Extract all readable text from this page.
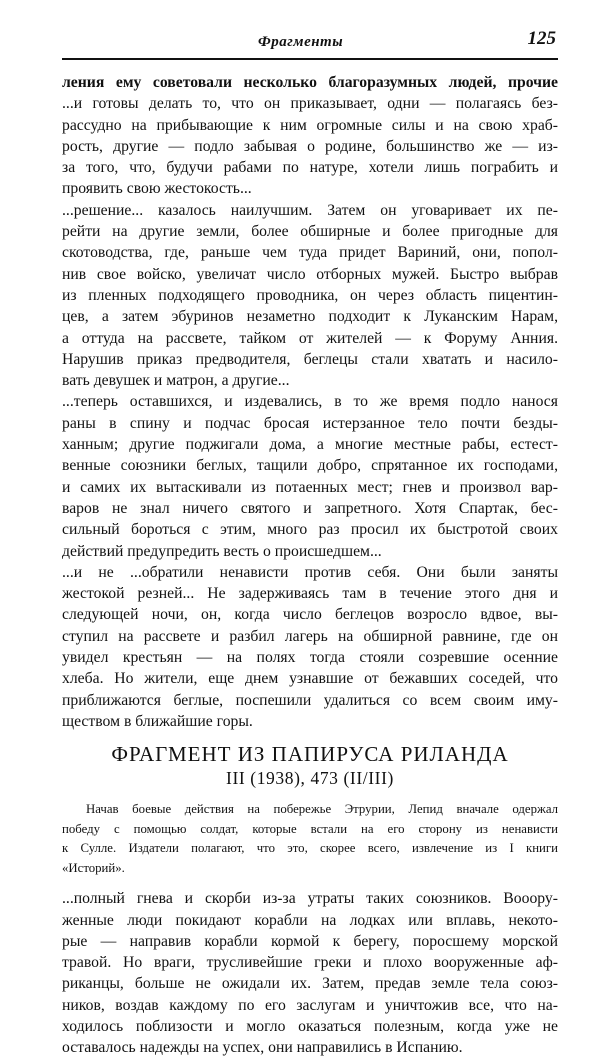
Фрагменты	125
ления ему советовали несколько благоразумных людей, прочие
...и готовы делать то, что он приказывает, одни — полагаясь без-
рассудно на прибывающие к ним огромные силы и на свою храб-
рость, другие — подло забывая о родине, большинство же — из-
за того, что, будучи рабами по натуре, хотели лишь пограбить и
проявить свою жестокость...
...решение... казалось наилучшим. Затем он уговаривает их пе-
рейти на другие земли, более обширные и более пригодные для
скотоводства, где, раньше чем туда придет Вариний, они, попол-
нив свое войско, увеличат число отборных мужей. Быстро выбрав
из пленных подходящего проводника, он через область пицентин-
цев, а затем эбуринов незаметно подходит к Луканским Нарам,
а оттуда на рассвете, тайком от жителей — к Форуму Анния.
Нарушив приказ предводителя, беглецы стали хватать и насило-
вать девушек и матрон, а другие...
...теперь оставшихся, и издевались, в то же время подло нанося
раны в спину и подчас бросая истерзанное тело почти безды-
ханным; другие поджигали дома, а многие местные рабы, естест-
венные союзники беглых, тащили добро, спрятанное их господами,
и самих их вытаскивали из потаенных мест; гнев и произвол вар-
варов не знал ничего святого и запретного. Хотя Спартак, бес-
сильный бороться с этим, много раз просил их быстротой своих
действий предупредить весть о происшедшем...
...и не ...обратили ненависти против себя. Они были заняты
жестокой резней... Не задерживаясь там в течение этого дня и
следующей ночи, он, когда число беглецов возросло вдвое, вы-
ступил на рассвете и разбил лагерь на обширной равнине, где он
увидел крестьян — на полях тогда стояли созревшие осенние
хлеба. Но жители, еще днем узнавшие от бежавших соседей, что
приближаются беглые, поспешили удалиться со всем своим иму-
ществом в ближайшие горы.
ФРАГМЕНТ ИЗ ПАПИРУСА РИЛАНДА
III (1938), 473 (II/III)
Начав боевые действия на побережье Этрурии, Лепид вначале одержал
победу с помощью солдат, которые встали на его сторону из ненависти
к Сулле. Издатели полагают, что это, скорее всего, извлечение из I книги
«Историй».
...полный гнева и скорби из-за утраты таких союзников. Вооору-
женные люди покидают корабли на лодках или вплавь, некото-
рые — направив корабли кормой к берегу, поросшему морской
травой. Но враги, трусливейшие греки и плохо вооруженные аф-
риканцы, больше не ожидали их. Затем, предав земле тела союз-
ников, воздав каждому по его заслугам и уничтожив все, что на-
ходилось поблизости и могло оказаться полезным, когда уже не
оставалось надежды на успех, они направились в Испанию.
